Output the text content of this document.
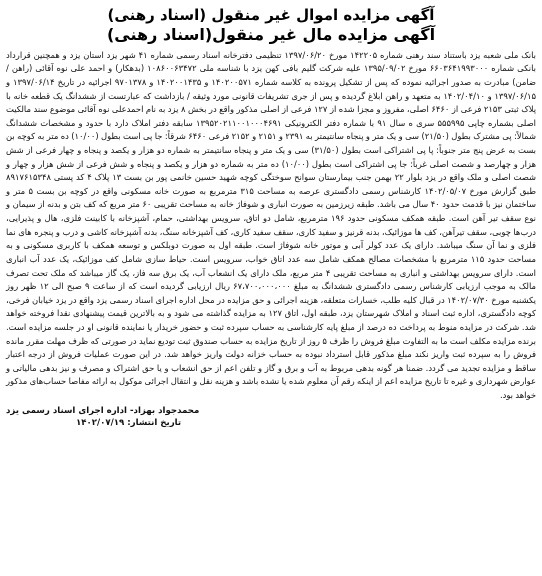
آگهی مزایده اموال غیر منقول (اسناد رهنی)
آگهی مزایده مال غیر منقول(اسناد رهنی)

بانک ملی شعبه یزد باستناد سند رهنی شماره ۱۴۲۲۰۵ مورخ ۱۳۹۷/۰۶/۲۰ تنظیمی دفترخانه اسناد رسمی شماره ۴۱ شهر یزد استان یزد و همچنین قرارداد بانکی شماره ۶۶۰۳۶۴۱۹۹۳۰۰۰ مورخ ۱۳۹۵/۰۹/۰۲ علیه شرکت گلیم بافی کهن یزد با شناسه ملی ۱۰۸۶۰۰۶۳۴۷۲ (بدهکار) و احمد علی نوه آقائی (راهن / ضامن) مبادرت به صدور اجرائیه نموده که پس از تشکیل پرونده به کلاسه شماره ۱۴۰۲۰۰۵۷۱ و ۱۴۰۲۰۰۱۴۳۵ و ۹۷۰۱۳۷۸ اجرائیه در تاریخ ۱۳۹۷/۰۶/۱۴ و ۱۳۹۷/۰۶/۱۵ و ۱۴۰۲/۰۴/۱۰ به متعهد و راهن ابلاغ گردیده و پس از جری تشریفات قانونی مورد وثیقه / بازداشت که عبارتست از ششدانگ یک قطعه خانه با پلاک ثبتی ۲۱۵۳ فرعی از ۶۴۶۰ اصلی، مفروز و مجزا شده از ۱۲۷ فرعی از اصلی مذکور واقع در بخش ۸ یزد به نام احمدعلی نوه آقائی موضوع سند مالکیت اصلی بشماره چاپی ۵۵۵۹۹۵ سری ه سال ۹۱ با شماره دفتر الکترونیکی ۱۳۹۵۲۰۲۱۱۰۰۱۰۰۰۴۶۹۱ سابقه دفتر املاک دارد با حدود و مشخصات ششدانگ شمالاً: پی مشترک بطول (۲۱/۵۰) سی و یک متر و پنجاه سانتیمتر به ۲۳۹۱ و ۲۱۵۱ و ۲۱۵۲ فرعی ۶۴۶۰ شرقاً: جا پی است بطول (۱۰/۰۰) ده متر به کوچه بن بست به عرض پنج متر جنوباً: پا پی اشتراکی است بطول (۳۱/۵۰) سی و یک متر و پنجاه سانتیمتر به شماره دو هزار و یکصد و پنجاه و چهار فرعی از شش هزار و چهارصد و شصت اصلی غرباً: جا پی اشتراکی است بطول (۱۰/۰۰) ده متر به شماره دو هزار و یکصد و پنجاه و شش فرعی از شش هزار و چهار و شصت اصلی و ملک واقع در یزد بلوار ۲۲ بهمن جنب بیمارستان سوانح سوختگی کوچه شهید حسین خانمی پور بن بست ۱۳ پلاک ۴ کد پستی ۸۹۱۷۶۱۵۳۴۸ طبق گزارش مورخ ۱۴۰۲/۰۵/۰۷ کارشناس رسمی دادگستری عرصه به مساحت ۳۱۵ مترمربع به صورت خانه مسکونی واقع در کوچه بن بست ۵ متر و ساختمان نیز با قدمت حدود ۴۰ سال می باشد. طبقه زیرزمین به صورت انباری و شوفاژ خانه به مساحت تقریبی ۶۰ متر مربع که کف بتن و بدنه از سیمان و نوع سقف تیر آهن است. طبقه همکف مسکونی حدود ۱۹۶ مترمربع، شامل دو اتاق، سرویس بهداشتی، حمام، آشپزخانه با کابینت فلزی، هال و پذیرایی، درب‌ها چوبی، سقف تیرآهن، کف ها موزائیک، بدنه قرنیز و سفید کاری، سقف سفید کاری، کف آشپزخانه سنگ، بدنه آشپزخانه کاشی و درب و پنجره های نما فلزی و نما آن سنگ میباشد. دارای یک عدد کولر آبی و موتور خانه شوفاژ است. طبقه اول به صورت دوبلکس و توسعه همکف با کاربری مسکونی و به مساحت حدود ۱۱۵ مترمربع با مشخصات مصالح همکف شامل سه عدد اتاق خواب، سرویس است. حیاط سازی شامل کف موزائیک، یک عدد آب انباری است. دارای سرویس بهداشتی و انباری به مساحت تقریبی ۴ متر مربع، ملک دارای یک انشعاب آب، یک برق سه فاز، یک گاز میباشد که ملک تحت تصرف مالک به موجب ارزیابی کارشناس رسمی دادگستری ششدانگ به مبلغ ۶۷،۷۰۰،۰۰۰،۰۰۰ ریال ارزیابی گردیده است که از ساعت ۹ صبح الی ۱۲ ظهر روز یکشنبه مورخ ۱۴۰۲/۰۷/۳۰ در قبال کلیه طلب، خسارات متعلقه، هزینه اجرائی و حق مزایده در محل اداره اجرای اسناد رسمی یزد واقع در یزد خیابان فرخی، کوچه دادگستری، اداره ثبت اسناد و املاک شهرستان یزد، طبقه اول، اتاق ۱۲۷ به مزایده گذاشته می شود و به بالاترین قیمت پیشنهادی نقدا فروخته خواهد شد. شرکت در مزایده منوط به پرداخت ده درصد از مبلغ پایه کارشناسی به حساب سپرده ثبت و حضور خریدار یا نماینده قانونی او در جلسه مزایده است. برنده مزایده مکلف است ما به التفاوت مبلغ فروش را ظرف ۵ روز از تاریخ مزایده به حساب صندوق ثبت تودیع نماید در صورتی که ظرف مهلت مقرر مانده فروش را به سپرده ثبت واریز نکند مبلغ مذکور قابل استرداد نبوده به حساب خزانه دولت واریز خواهد شد. در این صورت عملیات فروش از درجه اعتبار ساقط و مزایده تجدید می گردد. ضمنا هر گونه بدهی مربوط به آب و برق و گاز و تلفن اعم از حق انشعاب و یا حق اشتراک و مصرف و نیز بدهی مالیاتی و عوارض شهرداری و غیره تا تاریخ مزایده اعم از اینکه رقم آن معلوم شده یا نشده باشد و هزینه نقل و انتقال اجرائی موکول به ارائه مفاصا حساب‌های مذکور خواهد بود.

محمدجواد بهزاد- اداره اجرای اسناد رسمی یزد

تاریخ انتشار: ۱۴۰۲/۰۷/۱۹
